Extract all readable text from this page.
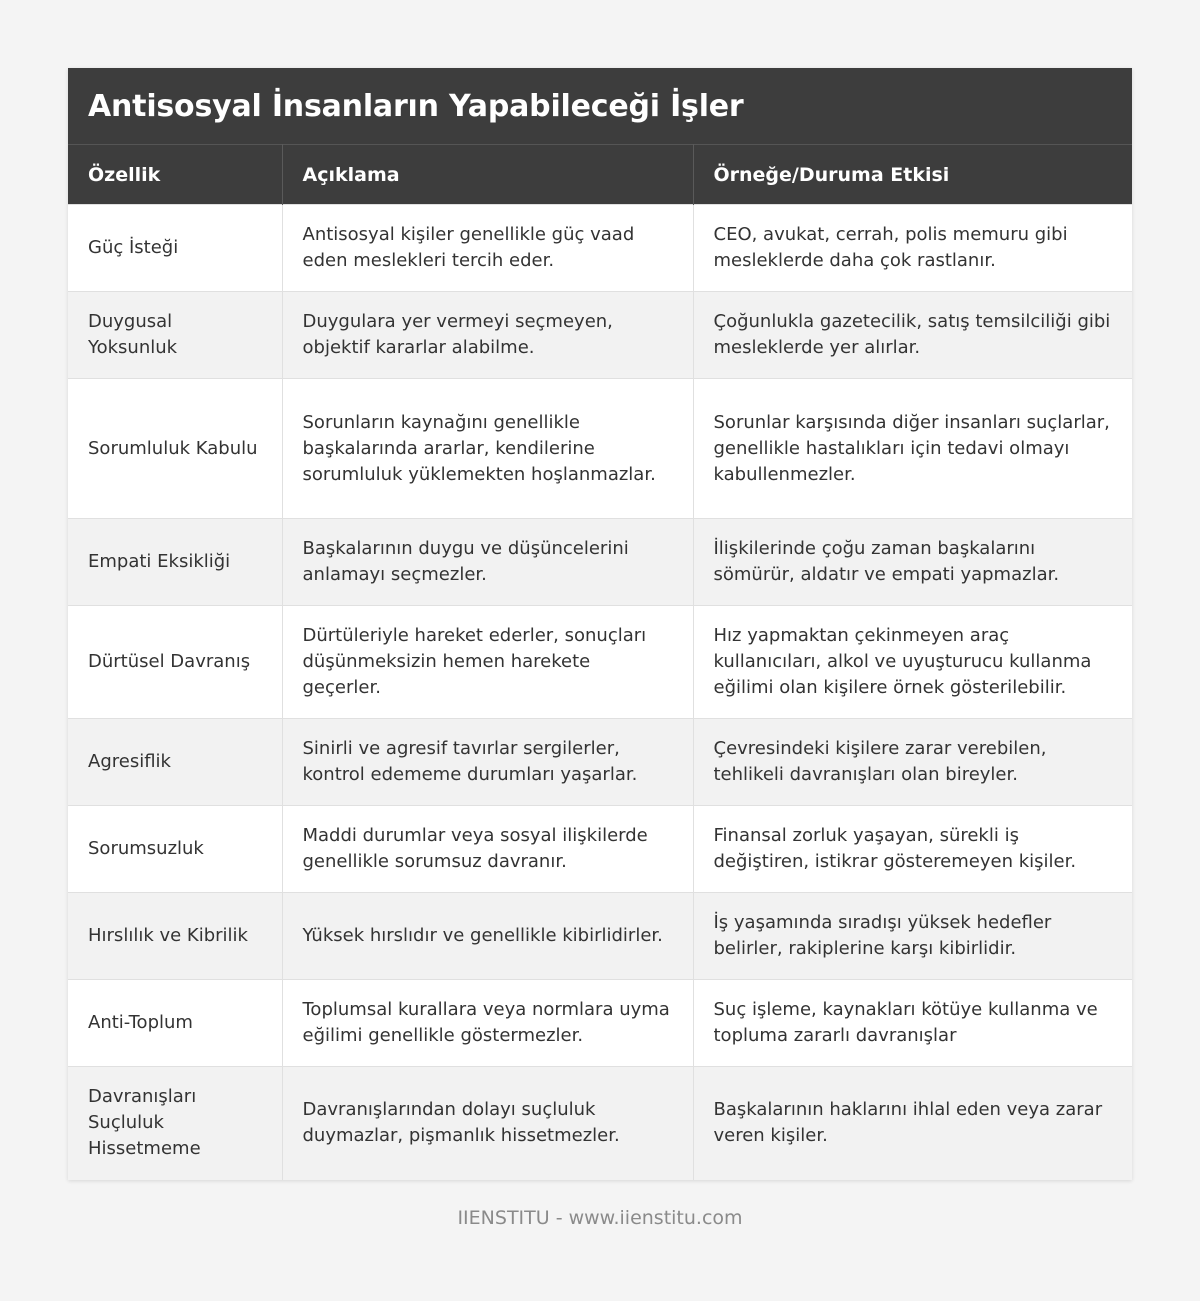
Antisosyal İnsanların Yapabileceği İşler
Özellik	Açıklama	Örneğe/Duruma Etkisi
Güç İsteği	Antisosyal kişiler genellikle güç vaad eden meslekleri tercih eder.	CEO, avukat, cerrah, polis memuru gibi mesleklerde daha çok rastlanır.
Duygusal Yoksunluk	Duygulara yer vermeyi seçmeyen, objektif kararlar alabilme.	Çoğunlukla gazetecilik, satış temsilciliği gibi mesleklerde yer alırlar.
Sorumluluk Kabulu	Sorunların kaynağını genellikle başkalarında ararlar, kendilerine sorumluluk yüklemekten hoşlanmazlar.	Sorunlar karşısında diğer insanları suçlarlar, genellikle hastalıkları için tedavi olmayı kabullenmezler.
Empati Eksikliği	Başkalarının duygu ve düşüncelerini anlamayı seçmezler.	İlişkilerinde çoğu zaman başkalarını sömürür, aldatır ve empati yapmazlar.
Dürtüsel Davranış	Dürtüleriyle hareket ederler, sonuçları düşünmeksizin hemen harekete geçerler.	Hız yapmaktan çekinmeyen araç kullanıcıları, alkol ve uyuşturucu kullanma eğilimi olan kişilere örnek gösterilebilir.
Agresiflik	Sinirli ve agresif tavırlar sergilerler, kontrol edememe durumları yaşarlar.	Çevresindeki kişilere zarar verebilen, tehlikeli davranışları olan bireyler.
Sorumsuzluk	Maddi durumlar veya sosyal ilişkilerde genellikle sorumsuz davranır.	Finansal zorluk yaşayan, sürekli iş değiştiren, istikrar gösteremeyen kişiler.
Hırslılık ve Kibrilik	Yüksek hırslıdır ve genellikle kibirlidirler.	İş yaşamında sıradışı yüksek hedefler belirler, rakiplerine karşı kibirlidir.
Anti-Toplum	Toplumsal kurallara veya normlara uyma eğilimi genellikle göstermezler.	Suç işleme, kaynakları kötüye kullanma ve topluma zararlı davranışlar
Davranışları Suçluluk Hissetmeme	Davranışlarından dolayı suçluluk duymazlar, pişmanlık hissetmezler.	Başkalarının haklarını ihlal eden veya zarar veren kişiler.
IIENSTITU - www.iienstitu.com
